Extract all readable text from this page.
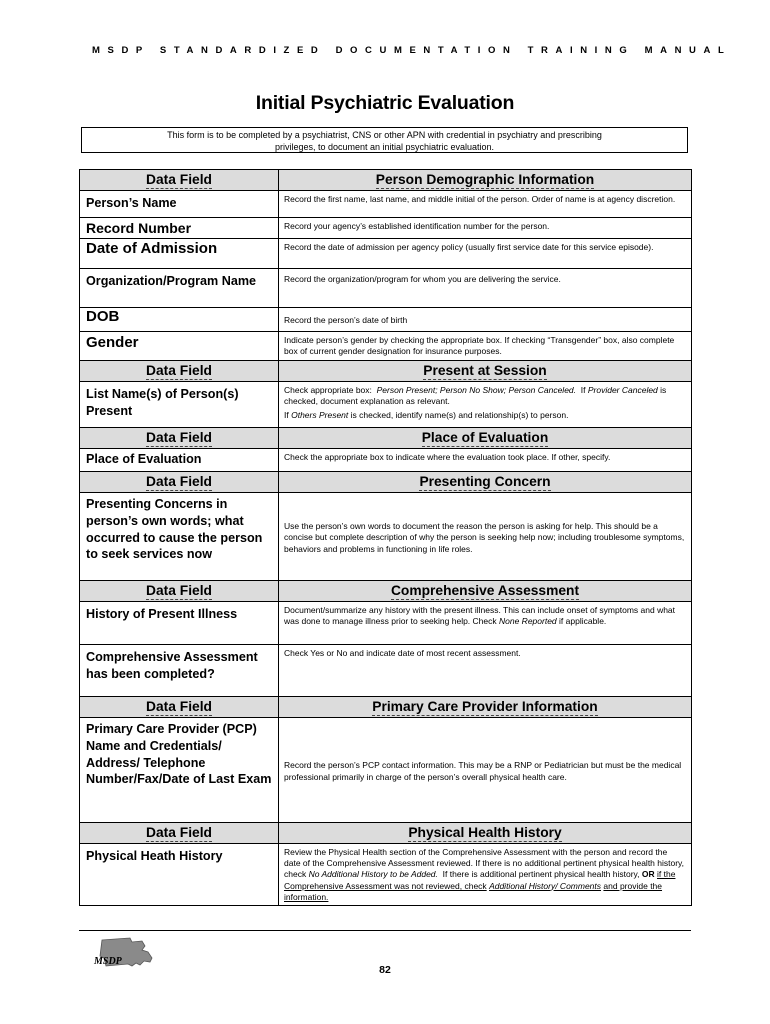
MSDP STANDARDIZED DOCUMENTATION TRAINING MANUAL
Initial Psychiatric Evaluation
This form is to be completed by a psychiatrist, CNS or other APN with credential in psychiatry and prescribing
privileges, to document an initial psychiatric evaluation.
Data Field	Person Demographic Information
Person’s Name	Record the first name, last name, and middle initial of the person. Order of name is at agency discretion.
Record Number	Record your agency’s established identification number for the person.
Date of Admission	Record the date of admission per agency policy (usually first service date for this service episode).
Organization/Program Name	Record the organization/program for whom you are delivering the service.
DOB	Record the person’s date of birth
Gender	Indicate person’s gender by checking the appropriate box. If checking “Transgender” box, also complete box of current gender designation for insurance purposes.
Data Field	Present at Session
List Name(s) of Person(s) Present	Check appropriate box: Person Present; Person No Show; Person Canceled. If Provider Canceled is checked, document explanation as relevant.
If Others Present is checked, identify name(s) and relationship(s) to person.

Data Field	Place of Evaluation
Place of Evaluation	Check the appropriate box to indicate where the evaluation took place. If other, specify.
Data Field	Presenting Concern
Presenting Concerns in person’s own words; what occurred to cause the person to seek services now	Use the person’s own words to document the reason the person is asking for help. This should be a concise but complete description of why the person is seeking help now; including troublesome symptoms, behaviors and problems in functioning in life roles.
Data Field	Comprehensive Assessment
History of Present Illness	Document/summarize any history with the present illness. This can include onset of symptoms and what was done to manage illness prior to seeking help. Check None Reported if applicable.
Comprehensive Assessment has been completed?	Check Yes or No and indicate date of most recent assessment.
Data Field	Primary Care Provider Information
Primary Care Provider (PCP) Name and Credentials/ Address/ Telephone Number/Fax/Date of Last Exam	Record the person’s PCP contact information. This may be a RNP or Pediatrician but must be the medical professional primarily in charge of the person’s overall physical health care.
Data Field	Physical Health History
Physical Heath History	Review the Physical Health section of the Comprehensive Assessment with the person and record the date of the Comprehensive Assessment reviewed. If there is no additional pertinent physical health history, check No Additional History to be Added. If there is additional pertinent physical health history, OR if the Comprehensive Assessment was not reviewed, check Additional History/ Comments and provide the information.
MSDP
82
